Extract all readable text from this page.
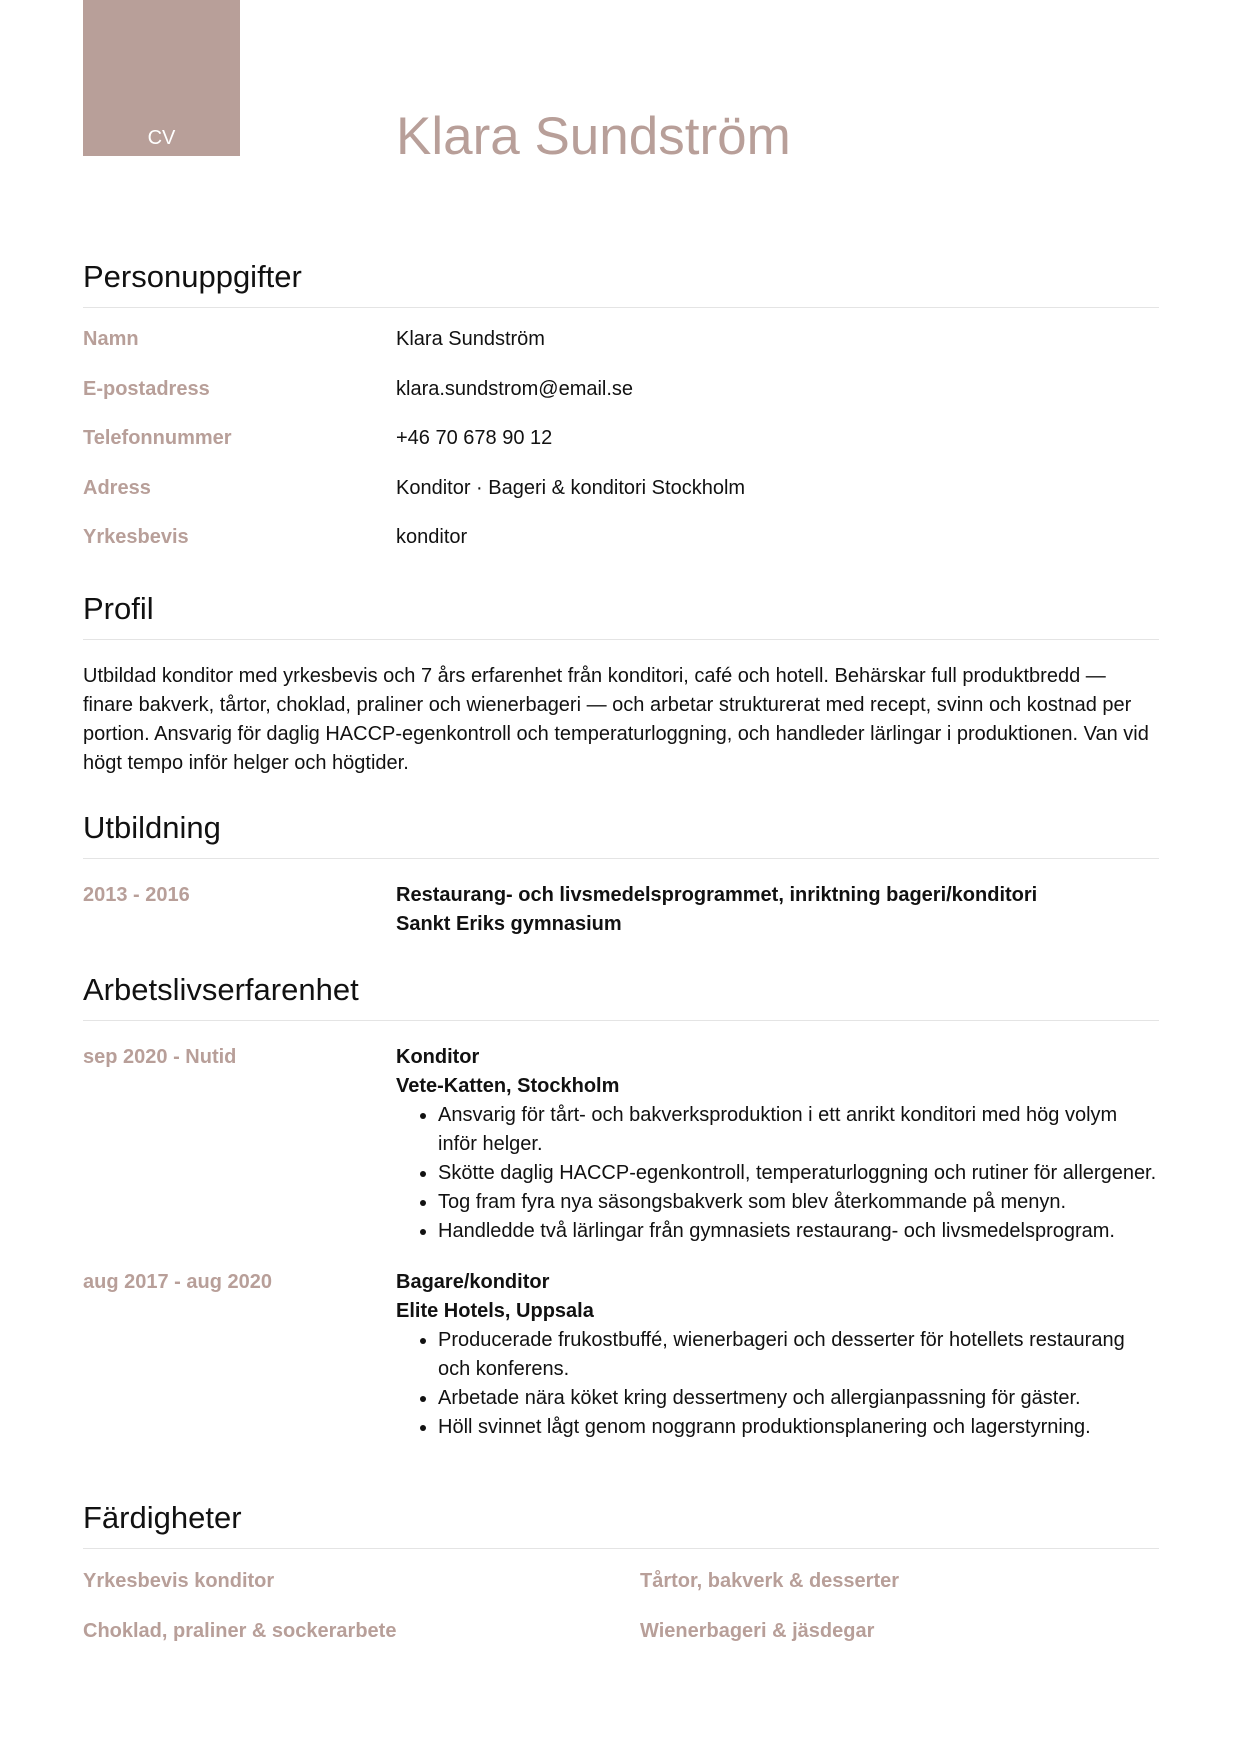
CV	Klara Sundström
Personuppgifter
Namn	Klara Sundström
E-postadress	klara.sundstrom@email.se
Telefonnummer	+46 70 678 90 12
Adress	Konditor · Bageri & konditori Stockholm
Yrkesbevis	konditor
Profil

Utbildad konditor med yrkesbevis och 7 års erfarenhet från konditori, café och hotell. Behärskar full produktbredd — finare bakverk, tårtor, choklad, praliner och wienerbageri — och arbetar strukturerat med recept, svinn och kostnad per portion. Ansvarig för daglig HACCP-egenkontroll och temperaturloggning, och handleder lärlingar i produktionen. Van vid högt tempo inför helger och högtider.

Utbildning
2013 - 2016	Restaurang- och livsmedelsprogrammet, inriktning bageri/konditori
Sankt Eriks gymnasium
Arbetslivserfarenhet
sep 2020 - Nutid	Konditor
Vete-Katten, Stockholm
• Ansvarig för tårt- och bakverksproduktion i ett anrikt konditori med hög volym inför helger.
• Skötte daglig HACCP-egenkontroll, temperaturloggning och rutiner för allergener.
• Tog fram fyra nya säsongsbakverk som blev återkommande på menyn.
• Handledde två lärlingar från gymnasiets restaurang- och livsmedelsprogram.
aug 2017 - aug 2020	Bagare/konditor
Elite Hotels, Uppsala
• Producerade frukostbuffé, wienerbageri och desserter för hotellets restaurang och konferens.
• Arbetade nära köket kring dessertmeny och allergianpassning för gäster.
• Höll svinnet lågt genom noggrann produktionsplanering och lagerstyrning.
Färdigheter
Yrkesbevis konditor	Tårtor, bakverk & desserter
Choklad, praliner & sockerarbete	Wienerbageri & jäsdegar
